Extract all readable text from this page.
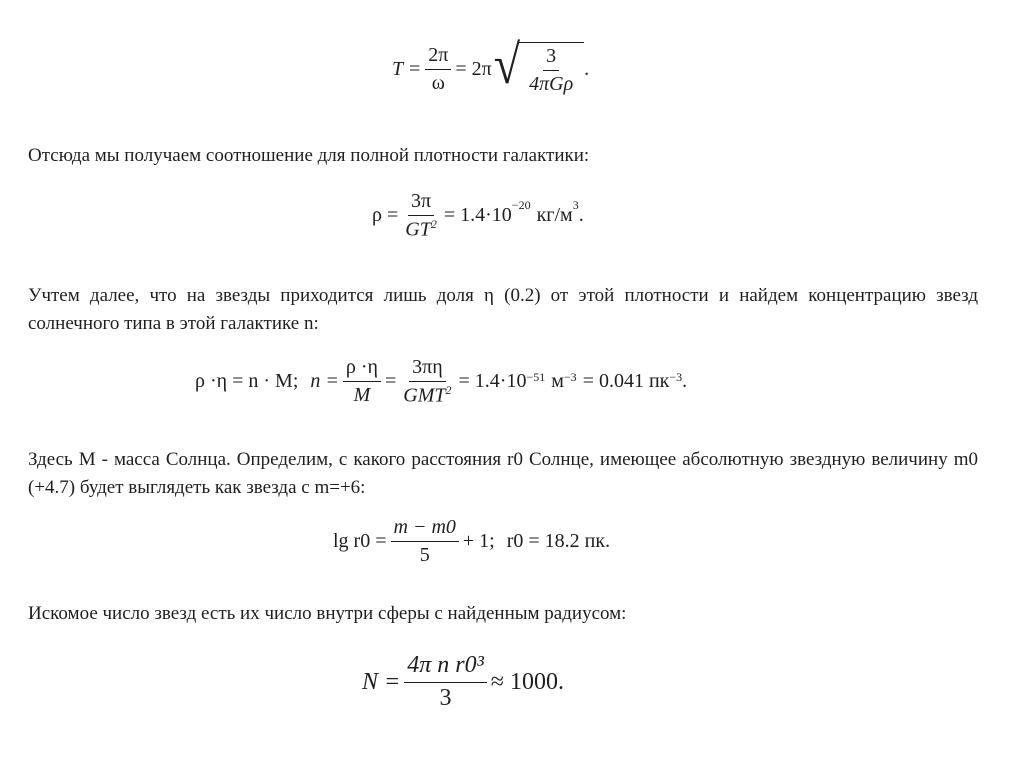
$T = \frac{2\pi}{\omega} = 2\pi$ √ $\frac{3}{\text{4πGρ}}$ .

Отсюда мы получаем соотношение для полной плотности галактики:

$\rho = \frac{3\pi}{GT^2} = 1.4\cdot 10^{-20}$ $кг/м^3$ .

Учтем далее, что на звезды приходится лишь доля η (0.2) от этой плотности и найдем концентрацию звезд солнечного типа в этой галактике n:

ρ ·η = n · M; $n = \frac{\rho \cdot\eta}{M} = \frac{3\pi\eta}{GMT^2} = 1.4\cdot 10^{-51}$ $м^{-3} = 0.041$ $пк^{-3}$ .

Здесь M - масса Солнца. Определим, с какого расстояния r0 Солнце, имеющее абсолютную звездную величину m0 (+4.7) будет выглядеть как звезда с m=+6:

$\lg r0 = \frac{m - m0}{5} + 1$; r0 = 18.2 пк.

Искомое число звезд есть их число внутри сферы с найденным радиусом:

$N = \frac{\text{4π n r0³}}{3} \approx 1000$.
